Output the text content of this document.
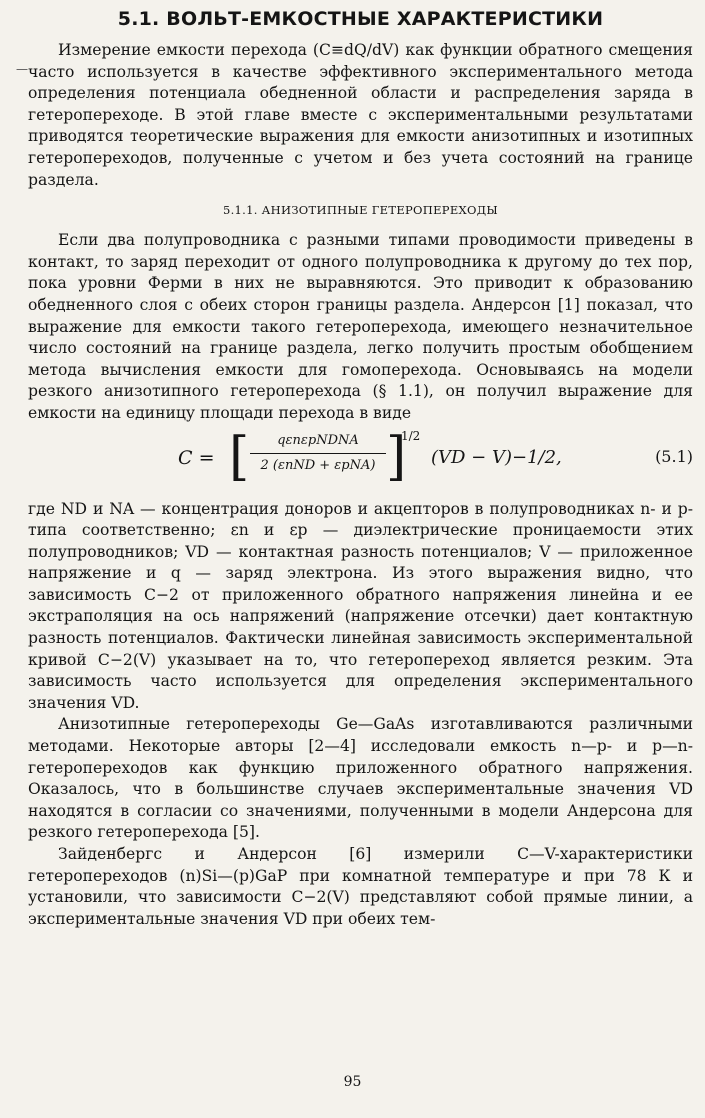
—
5.1. ВОЛЬТ-ЕМКОСТНЫЕ ХАРАКТЕРИСТИКИ

Измерение емкости перехода (C≡dQ/dV) как функции обратного смещения часто используется в качестве эффективного экспериментального метода определения потенциала обедненной области и распределения заряда в гетеропереходе. В этой главе вместе с экспериментальными результатами приводятся теоретические выражения для емкости анизотипных и изотипных гетеропереходов, полученные с учетом и без учета состояний на границе раздела.

5.1.1. АНИЗОТИПНЫЕ ГЕТЕРОПЕРЕХОДЫ

Если два полупроводника с разными типами проводимости приведены в контакт, то заряд переходит от одного полупроводника к другому до тех пор, пока уровни Ферми в них не выравняются. Это приводит к образованию обедненного слоя с обеих сторон границы раздела. Андерсон [1] показал, что выражение для емкости такого гетероперехода, имеющего незначительное число состояний на границе раздела, легко получить простым обобщением метода вычисления емкости для гомоперехода. Основываясь на модели резкого анизотипного гетероперехода (§ 1.1), он получил выражение для емкости на единицу площади перехода в виде

C = [	qεnεpNDNA
2 (εnND + εpNA) ]
1/2
(VD − V)−1/2,	(5.1)

где ND и NA — концентрация доноров и акцепторов в полупроводниках n- и p-типа соответственно; εn и εp — диэлектрические проницаемости этих полупроводников; VD — контактная разность потенциалов; V — приложенное напряжение и q — заряд электрона. Из этого выражения видно, что зависимость C−2 от приложенного обратного напряжения линейна и ее экстраполяция на ось напряжений (напряжение отсечки) дает контактную разность потенциалов. Фактически линейная зависимость экспериментальной кривой C−2(V) указывает на то, что гетеропереход является резким. Эта зависимость часто используется для определения экспериментального значения VD.

Анизотипные гетеропереходы Ge—GaAs изготавливаются различными методами. Некоторые авторы [2—4] исследовали емкость n—p- и p—n-гетеропереходов как функцию приложенного обратного напряжения. Оказалось, что в большинстве случаев экспериментальные значения VD находятся в согласии со значениями, полученными в модели Андерсона для резкого гетероперехода [5].

Зайденбергс и Андерсон [6] измерили C—V-характеристики гетеропереходов (n)Si—(p)GaP при комнатной температуре и при 78 К и установили, что зависимости C−2(V) представляют собой прямые линии, а экспериментальные значения VD при обеих тем-

95
